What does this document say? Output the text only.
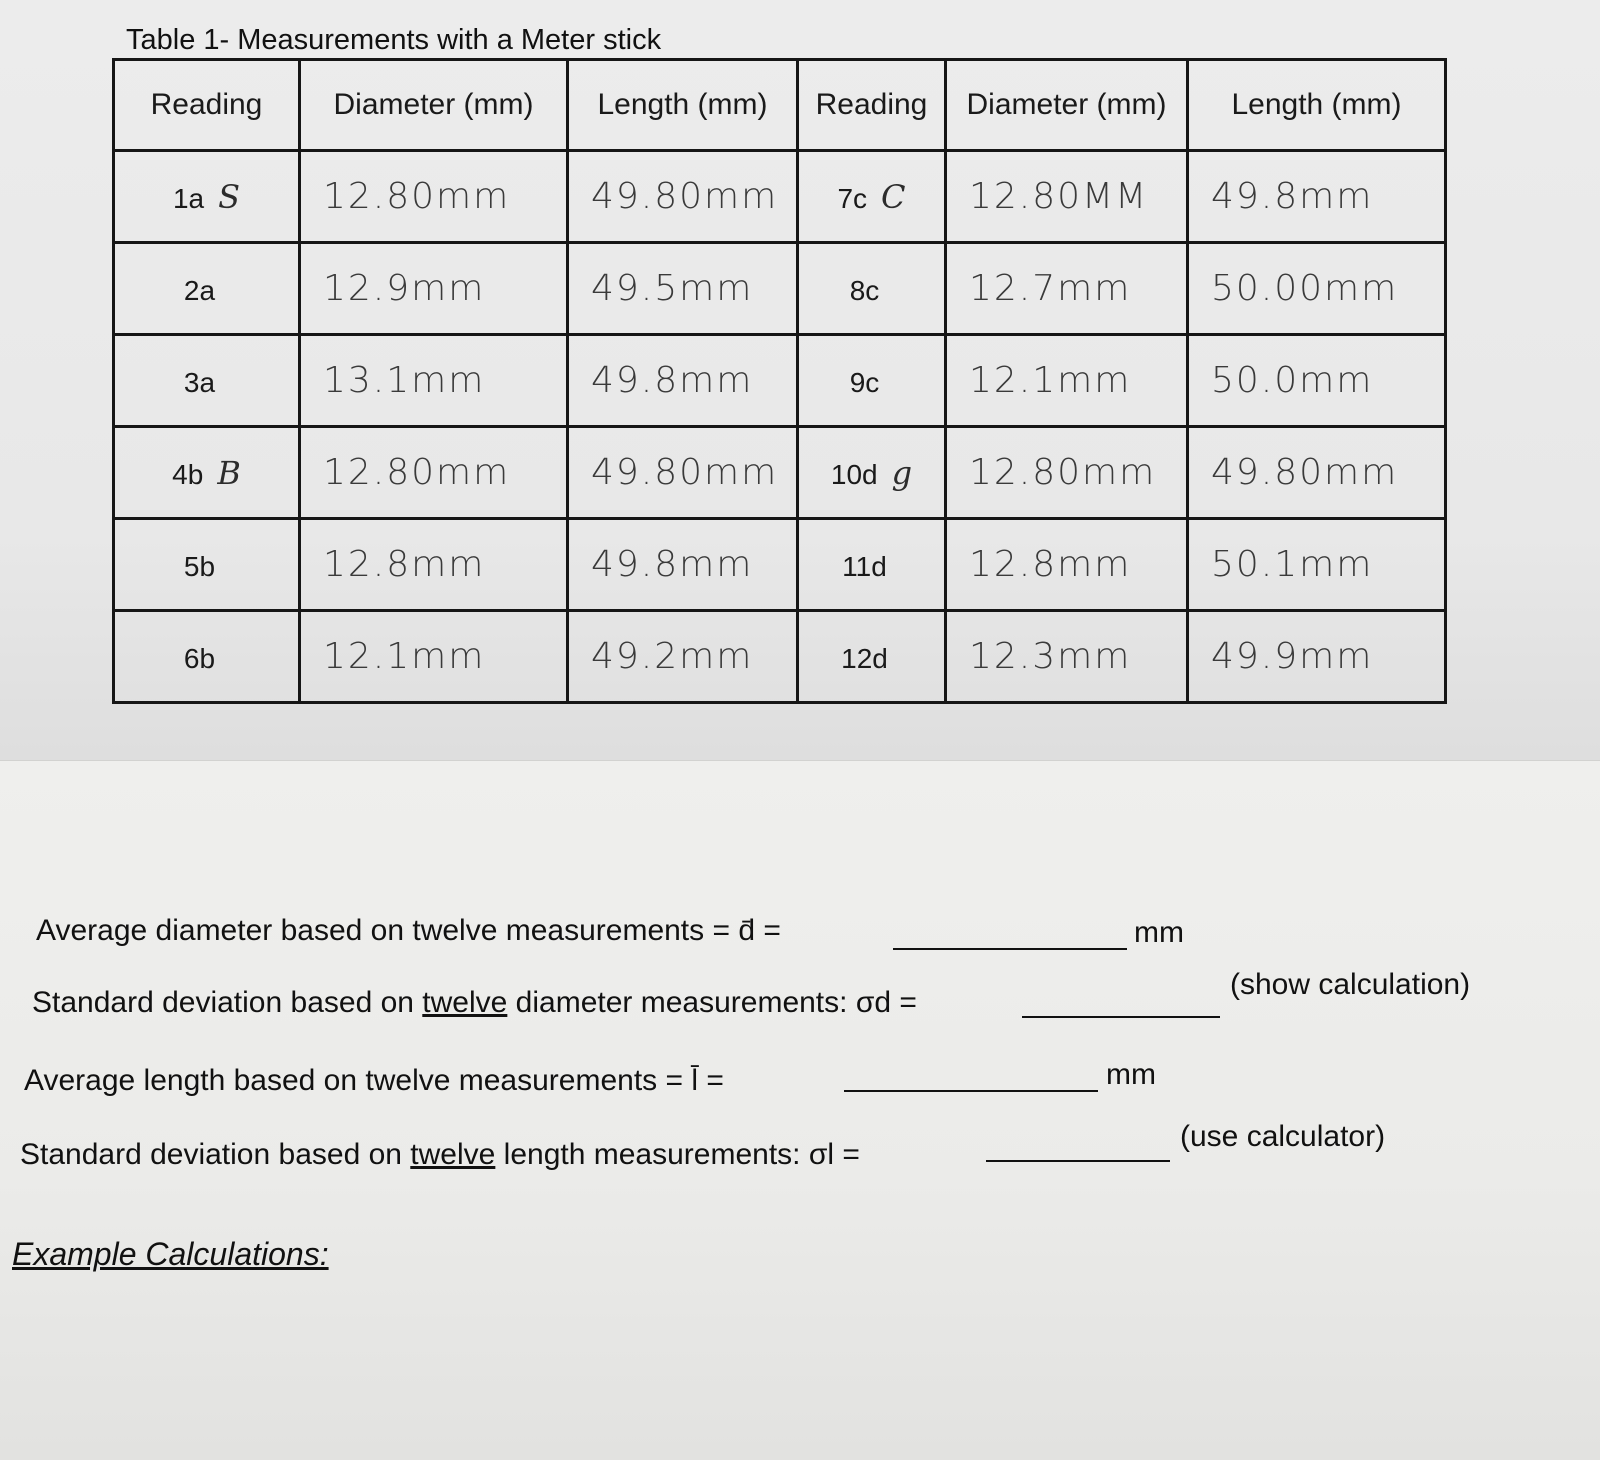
Table 1- Measurements with a Meter stick
Reading	Diameter (mm)	Length (mm)	Reading	Diameter (mm)	Length (mm)
1a S	12.80mm	49.80mm	7c C	12.80MM	49.8mm
2a	12.9mm	49.5mm	8c	12.7mm	50.00mm
3a	13.1mm	49.8mm	9c	12.1mm	50.0mm
4b B	12.80mm	49.80mm	10d g	12.80mm	49.80mm
5b	12.8mm	49.8mm	11d	12.8mm	50.1mm
6b	12.1mm	49.2mm	12d	12.3mm	49.9mm
Average diameter based on twelve measurements = d̄ =	mm
Standard deviation based on twelve diameter measurements: σd =
(show calculation)
Average length based on twelve measurements = l̄ =	mm
Standard deviation based on twelve length measurements: σl =
(use calculator)
Example Calculations:
